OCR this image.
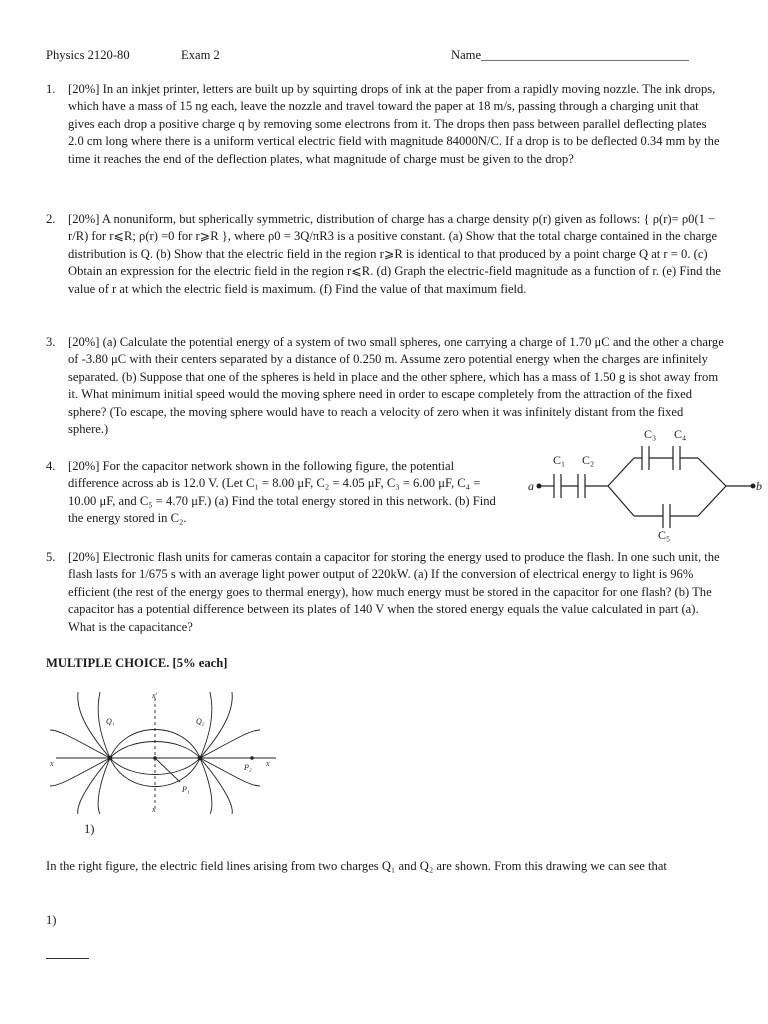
Physics 2120-80	Exam 2	Name_________________________________
1. [20%] In an inkjet printer, letters are built up by squirting drops of ink at the paper from a rapidly moving nozzle. The ink drops, which have a mass of 15 ng each, leave the nozzle and travel toward the paper at 18 m/s, passing through a charging unit that gives each drop a positive charge q by removing some electrons from it. The drops then pass between parallel deflecting plates 2.0 cm long where there is a uniform vertical electric field with magnitude 84000N/C. If a drop is to be deflected 0.34 mm by the time it reaches the end of the deflection plates, what magnitude of charge must be given to the drop?
2. [20%] A nonuniform, but spherically symmetric, distribution of charge has a charge density ρ(r) given as follows: { ρ(r)= ρ0(1 − r/R) for r⩽R; ρ(r) =0 for r⩾R }, where ρ0 = 3Q/πR3 is a positive constant. (a) Show that the total charge contained in the charge distribution is Q. (b) Show that the electric field in the region r⩾R is identical to that produced by a point charge Q at r = 0. (c) Obtain an expression for the electric field in the region r⩽R. (d) Graph the electric-field magnitude as a function of r. (e) Find the value of r at which the electric field is maximum. (f) Find the value of that maximum field.
3. [20%] (a) Calculate the potential energy of a system of two small spheres, one carrying a charge of 1.70 μC and the other a charge of -3.80 μC with their centers separated by a distance of 0.250 m. Assume zero potential energy when the charges are infinitely separated. (b) Suppose that one of the spheres is held in place and the other sphere, which has a mass of 1.50 g is shot away from it. What minimum initial speed would the moving sphere need in order to escape completely from the attraction of the fixed sphere? (To escape, the moving sphere would have to reach a velocity of zero when it was infinitely distant from the fixed sphere.)
4. [20%] For the capacitor network shown in the following figure, the potential difference across ab is 12.0 V. (Let C₁ = 8.00 μF, C₂ = 4.05 μF, C₃ = 6.00 μF, C₄ = 10.00 μF, and C₅ = 4.70 μF.) (a) Find the total energy stored in this network. (b) Find the energy stored in C₂.
C₁ C₂
C₃ C₄
C₅
a	b
5. [20%] Electronic flash units for cameras contain a capacitor for storing the energy used to produce the flash. In one such unit, the flash lasts for 1/675 s with an average light power output of 220kW. (a) If the conversion of electrical energy to light is 96% efficient (the rest of the energy goes to thermal energy), how much energy must be stored in the capacitor for one flash? (b) The capacitor has a potential difference between its plates of 140 V when the stored energy equals the value calculated in part (a). What is the capacitance?
MULTIPLE CHOICE. [5% each]
Q₁	Q₂
x	x
x'
x
P₁
P₂
1)
In the right figure, the electric field lines arising from two charges Q₁ and Q₂ are shown. From this drawing we can see that
1)
